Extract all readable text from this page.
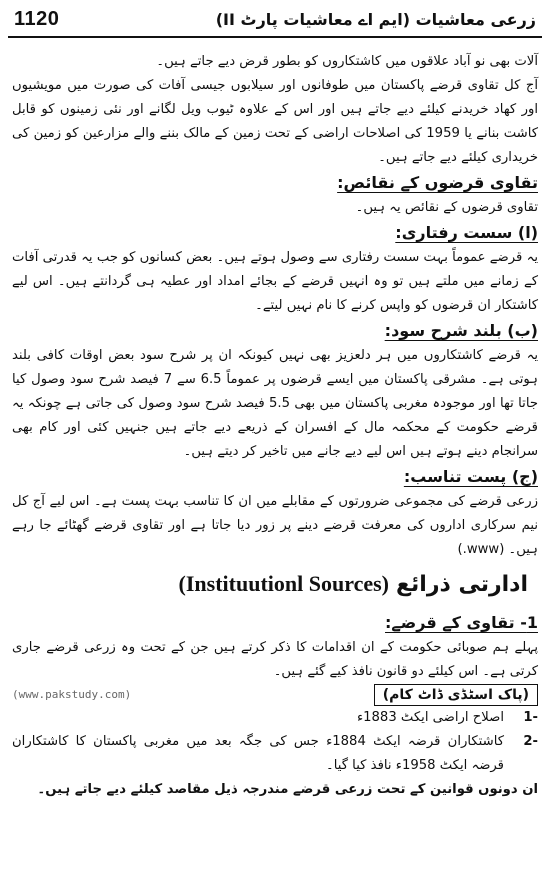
1120	زرعی معاشیات (ایم اے معاشیات پارٹ II)

آلات بھی نو آباد علاقوں میں کاشتکاروں کو بطور قرض دیے جاتے ہیں۔

آج کل تقاوی قرضے پاکستان میں طوفانوں اور سیلابوں جیسی آفات کی صورت میں مویشیوں اور کھاد خریدنے کیلئے دیے جاتے ہیں اور اس کے علاوہ ٹیوب ویل لگانے اور نئی زمینوں کو قابل کاشت بنانے یا 1959 کی اصلاحات اراضی کے تحت زمین کے مالک بننے والے مزارعین کو زمین کی خریداری کیلئے دیے جاتے ہیں۔

تقاوی قرضوں کے نقائص:

تقاوی قرضوں کے نقائص یہ ہیں۔

(ا) سست رفتاری:

یہ قرضے عموماً بہت سست رفتاری سے وصول ہوتے ہیں۔ بعض کسانوں کو جب یہ قدرتی آفات کے زمانے میں ملتے ہیں تو وہ انہیں قرضے کے بجائے امداد اور عطیہ ہی گردانتے ہیں۔ اس لیے کاشتکار ان قرضوں کو واپس کرنے کا نام نہیں لیتے۔

(ب) بلند شرح سود:

یہ قرضے کاشتکاروں میں ہر دلعزیز بھی نہیں کیونکہ ان پر شرح سود بعض اوقات کافی بلند ہوتی ہے۔ مشرقی پاکستان میں ایسے قرضوں پر عموماً 6.5 سے 7 فیصد شرح سود وصول کیا جاتا تھا اور موجودہ مغربی پاکستان میں بھی 5.5 فیصد شرح سود وصول کی جاتی ہے چونکہ یہ قرضے حکومت کے محکمہ مال کے افسران کے ذریعے دیے جاتے ہیں جنہیں کئی اور کام بھی سرانجام دینے ہوتے ہیں اس لیے دیے جانے میں تاخیر کر دیتے ہیں۔

(ج) پست تناسب:

زرعی قرضے کی مجموعی ضرورتوں کے مقابلے میں ان کا تناسب بہت پست ہے۔ اس لیے آج کل نیم سرکاری اداروں کی معرفت قرضے دینے پر زور دیا جاتا ہے اور تقاوی قرضے گھٹائے جا رہے ہیں۔ (www.)

(Instituutionl Sources) ادارتی ذرائع

1- تقاوی کے قرضے:

پہلے ہم صوبائی حکومت کے ان اقدامات کا ذکر کرتے ہیں جن کے تحت وہ زرعی قرضے جاری کرتی ہے۔ اس کیلئے دو قانون نافذ کیے گئے ہیں۔

(www.pakstudy.com)	(پاک اسٹڈی ڈاٹ کام)
-1
اصلاح اراضی ایکٹ 1883ء
-2
کاشتکاران قرضہ ایکٹ 1884ء جس کی جگہ بعد میں مغربی پاکستان کا کاشتکاران قرضہ ایکٹ 1958ء نافذ کیا گیا۔

ان دونوں قوانین کے تحت زرعی قرضے مندرجہ ذیل مقاصد کیلئے دیے جاتے ہیں۔
